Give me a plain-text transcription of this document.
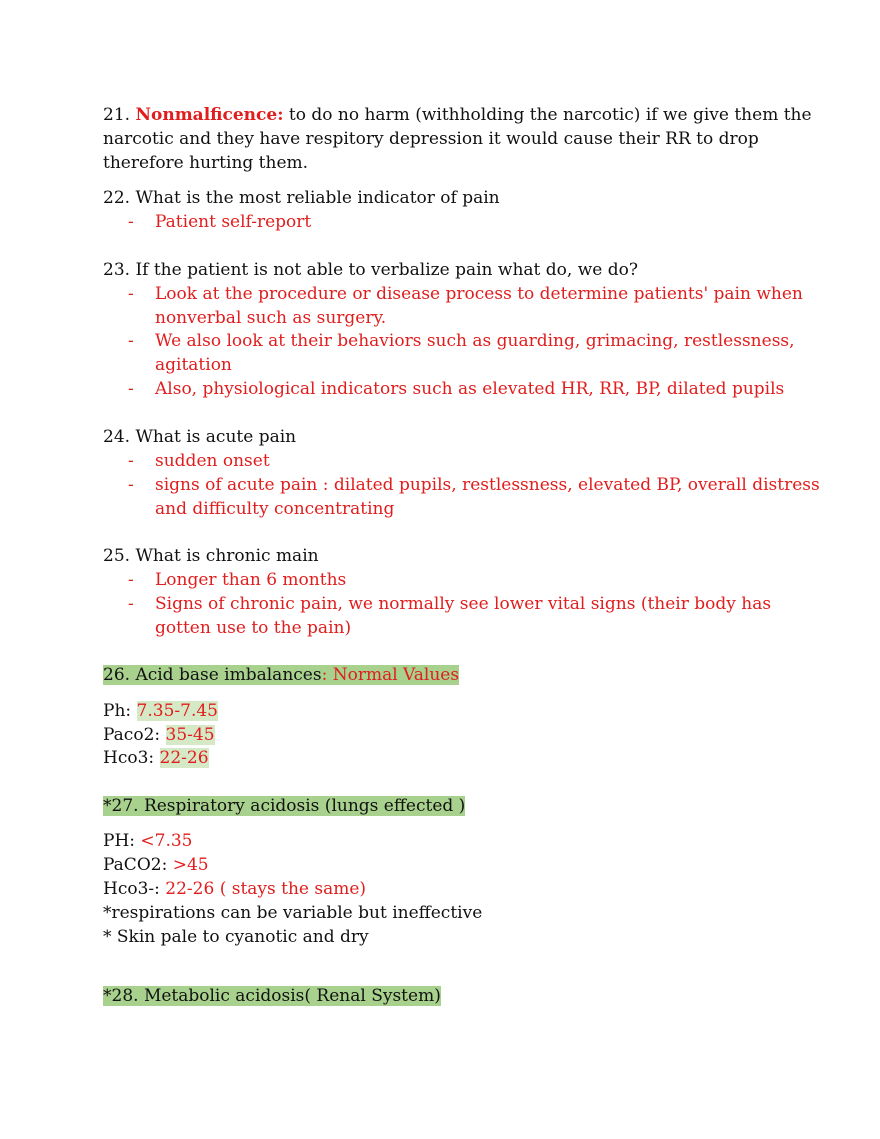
21. Nonmalficence: to do no harm (withholding the narcotic) if we give them the
narcotic and they have respitory depression it would cause their RR to drop
therefore hurting them.
22. What is the most reliable indicator of pain
- Patient self-report
23. If the patient is not able to verbalize pain what do, we do?
- Look at the procedure or disease process to determine patients' pain when
nonverbal such as surgery.
- We also look at their behaviors such as guarding, grimacing, restlessness,
agitation
- Also, physiological indicators such as elevated HR, RR, BP, dilated pupils
24. What is acute pain
- sudden onset
- signs of acute pain : dilated pupils, restlessness, elevated BP, overall distress
and difficulty concentrating
25. What is chronic main
- Longer than 6 months
- Signs of chronic pain, we normally see lower vital signs (their body has
gotten use to the pain)
26. Acid base imbalances: Normal Values
Ph: 7.35-7.45
Paco2: 35-45
Hco3: 22-26
*27. Respiratory acidosis (lungs effected )
PH: <7.35
PaCO2: >45
Hco3-: 22-26 ( stays the same)
*respirations can be variable but ineffective
* Skin pale to cyanotic and dry
*28. Metabolic acidosis( Renal System)
